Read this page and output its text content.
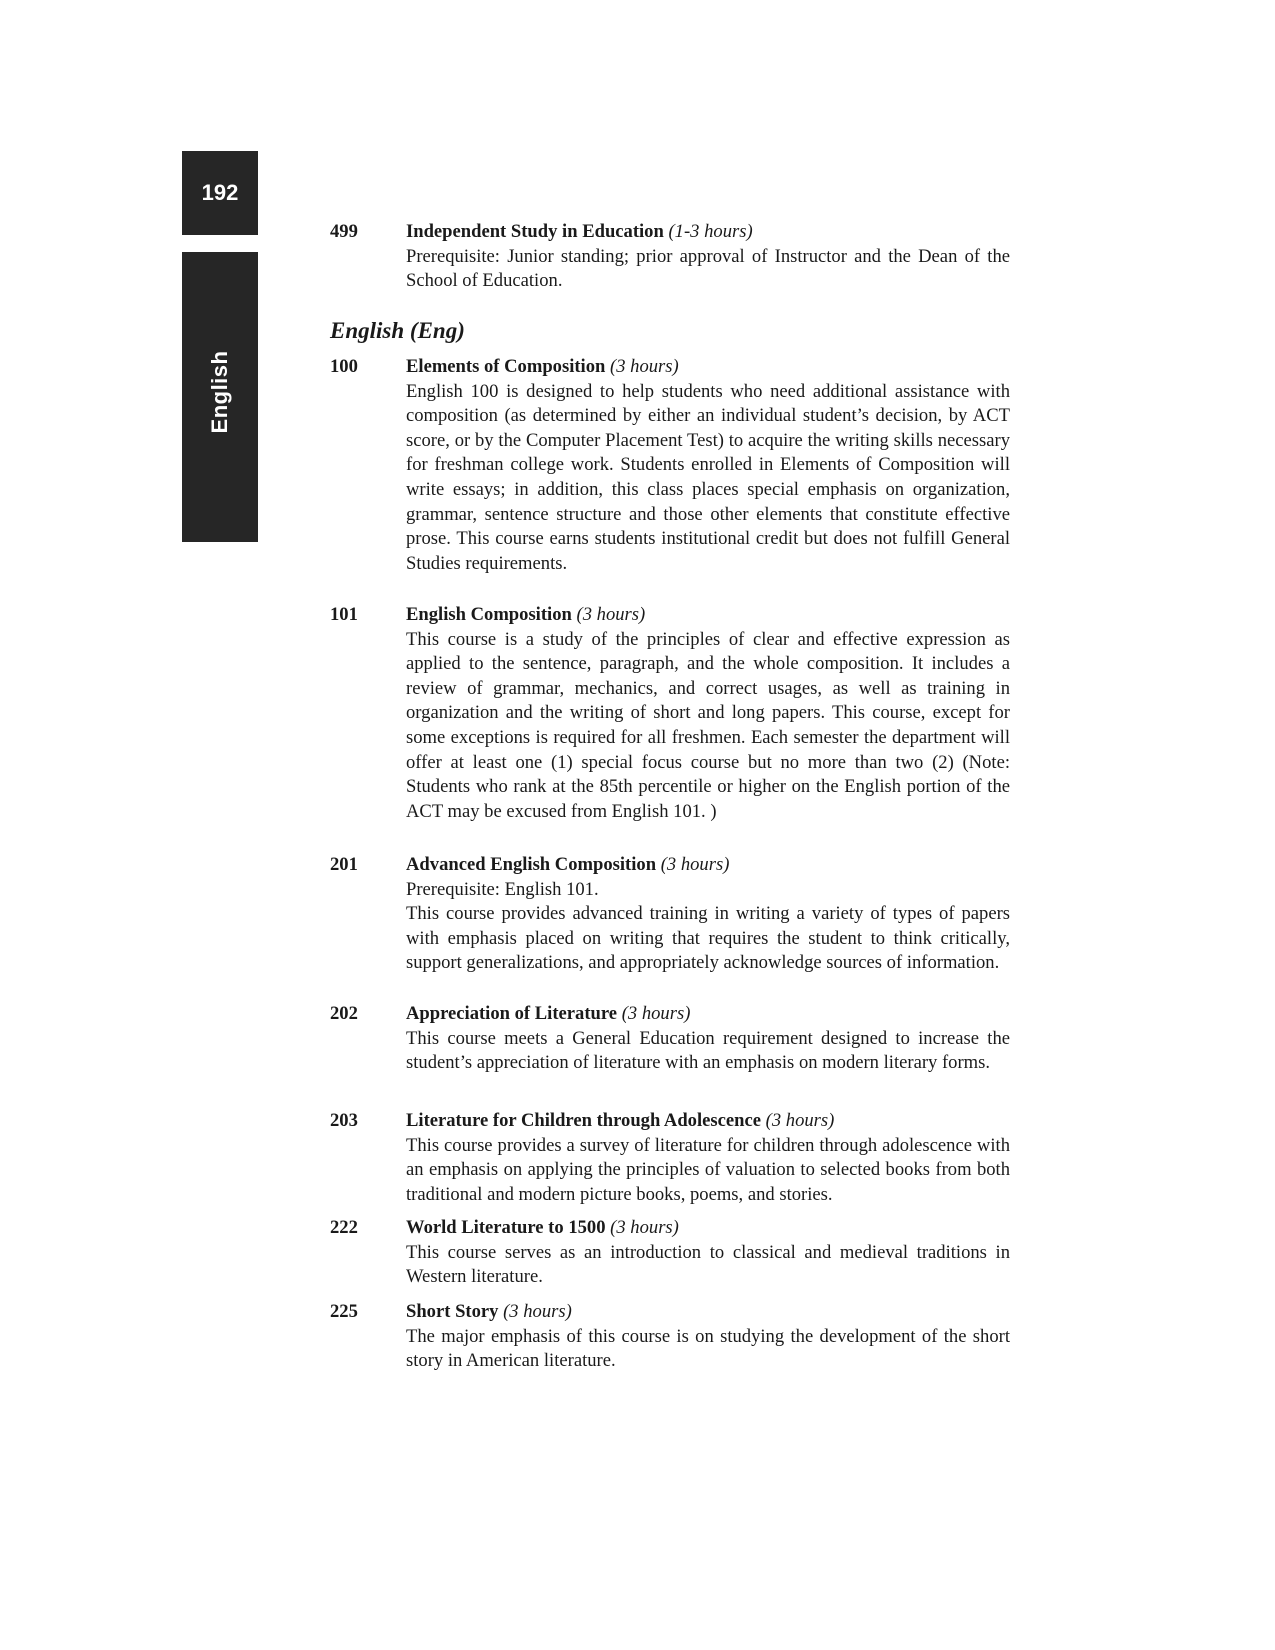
192
English
499	Independent Study in Education (1-3 hours)
Prerequisite: Junior standing; prior approval of Instructor and the Dean of the School of Education.
English (Eng)
100	Elements of Composition (3 hours)
English 100 is designed to help students who need additional assistance with composition (as determined by either an individual student’s decision, by ACT score, or by the Computer Placement Test) to acquire the writing skills necessary for freshman college work. Students enrolled in Elements of Composition will write essays; in addition, this class places special emphasis on organization, grammar, sentence structure and those other elements that constitute effective prose. This course earns students institutional credit but does not fulfill General Studies requirements.
101	English Composition (3 hours)
This course is a study of the principles of clear and effective expression as applied to the sentence, paragraph, and the whole composition. It includes a review of grammar, mechanics, and correct usages, as well as training in organization and the writing of short and long papers. This course, except for some exceptions is required for all freshmen. Each semester the department will offer at least one (1) special focus course but no more than two (2) (Note: Students who rank at the 85th percentile or higher on the English portion of the ACT may be excused from English 101. )
201	Advanced English Composition (3 hours)
Prerequisite: English 101.
This course provides advanced training in writing a variety of types of papers with emphasis placed on writing that requires the student to think critically, support generalizations, and appropriately acknowledge sources of information.
202	Appreciation of Literature (3 hours)
This course meets a General Education requirement designed to increase the student’s appreciation of literature with an emphasis on modern literary forms.
203	Literature for Children through Adolescence (3 hours)
This course provides a survey of literature for children through adolescence with an emphasis on applying the principles of valuation to selected books from both traditional and modern picture books, poems, and stories.
222	World Literature to 1500 (3 hours)
This course serves as an introduction to classical and medieval traditions in Western literature.
225	Short Story (3 hours)
The major emphasis of this course is on studying the development of the short story in American literature.
